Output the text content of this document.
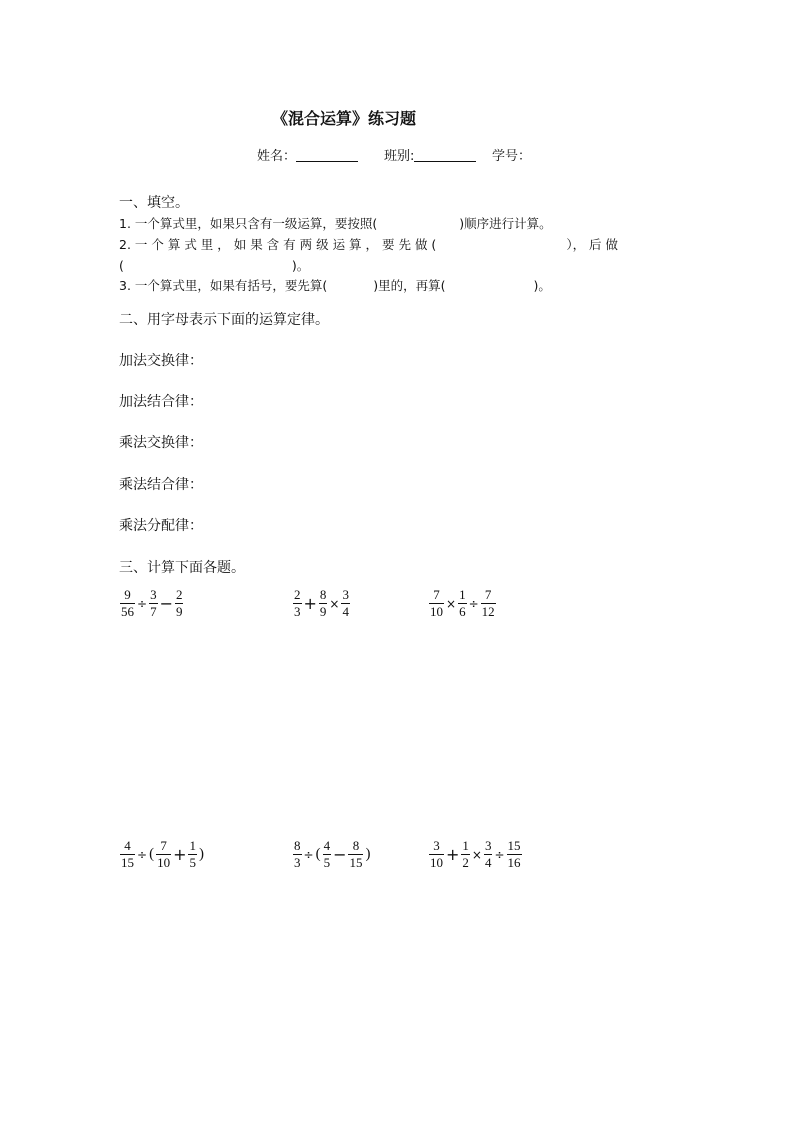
《混合运算》练习题
姓名：	班别:	学号：
一、填空。
1. 一个算式里，如果只含有一级运算，要按照(	)顺序进行计算。
2. 一 个 算 式 里 ， 如 果 含 有 两 级 运 算 ， 要 先 做 (	）， 后 做
(	)。
3. 一个算式里，如果有括号，要先算(	)里的，再算(	)。
二、用字母表示下面的运算定律。
加法交换律：
加法结合律：
乘法交换律：
乘法结合律：
乘法分配律：
三、计算下面各题。
$\frac{9}{56} \div \frac{3}{7} - \frac{2}{9}$	$\frac{2}{3} + \frac{8}{9} \times \frac{3}{4}$	$\frac{7}{10} \times \frac{1}{6} \div \frac{7}{12}$
$\frac{4}{15}$ ÷ ( $\frac{7}{10} + \frac{1}{5}$ )	$\frac{8}{3}$ ÷ ( $\frac{4}{5} - \frac{8}{15}$ )	$\frac{3}{10} + \frac{1}{2} \times \frac{3}{4} \div \frac{15}{16}$
